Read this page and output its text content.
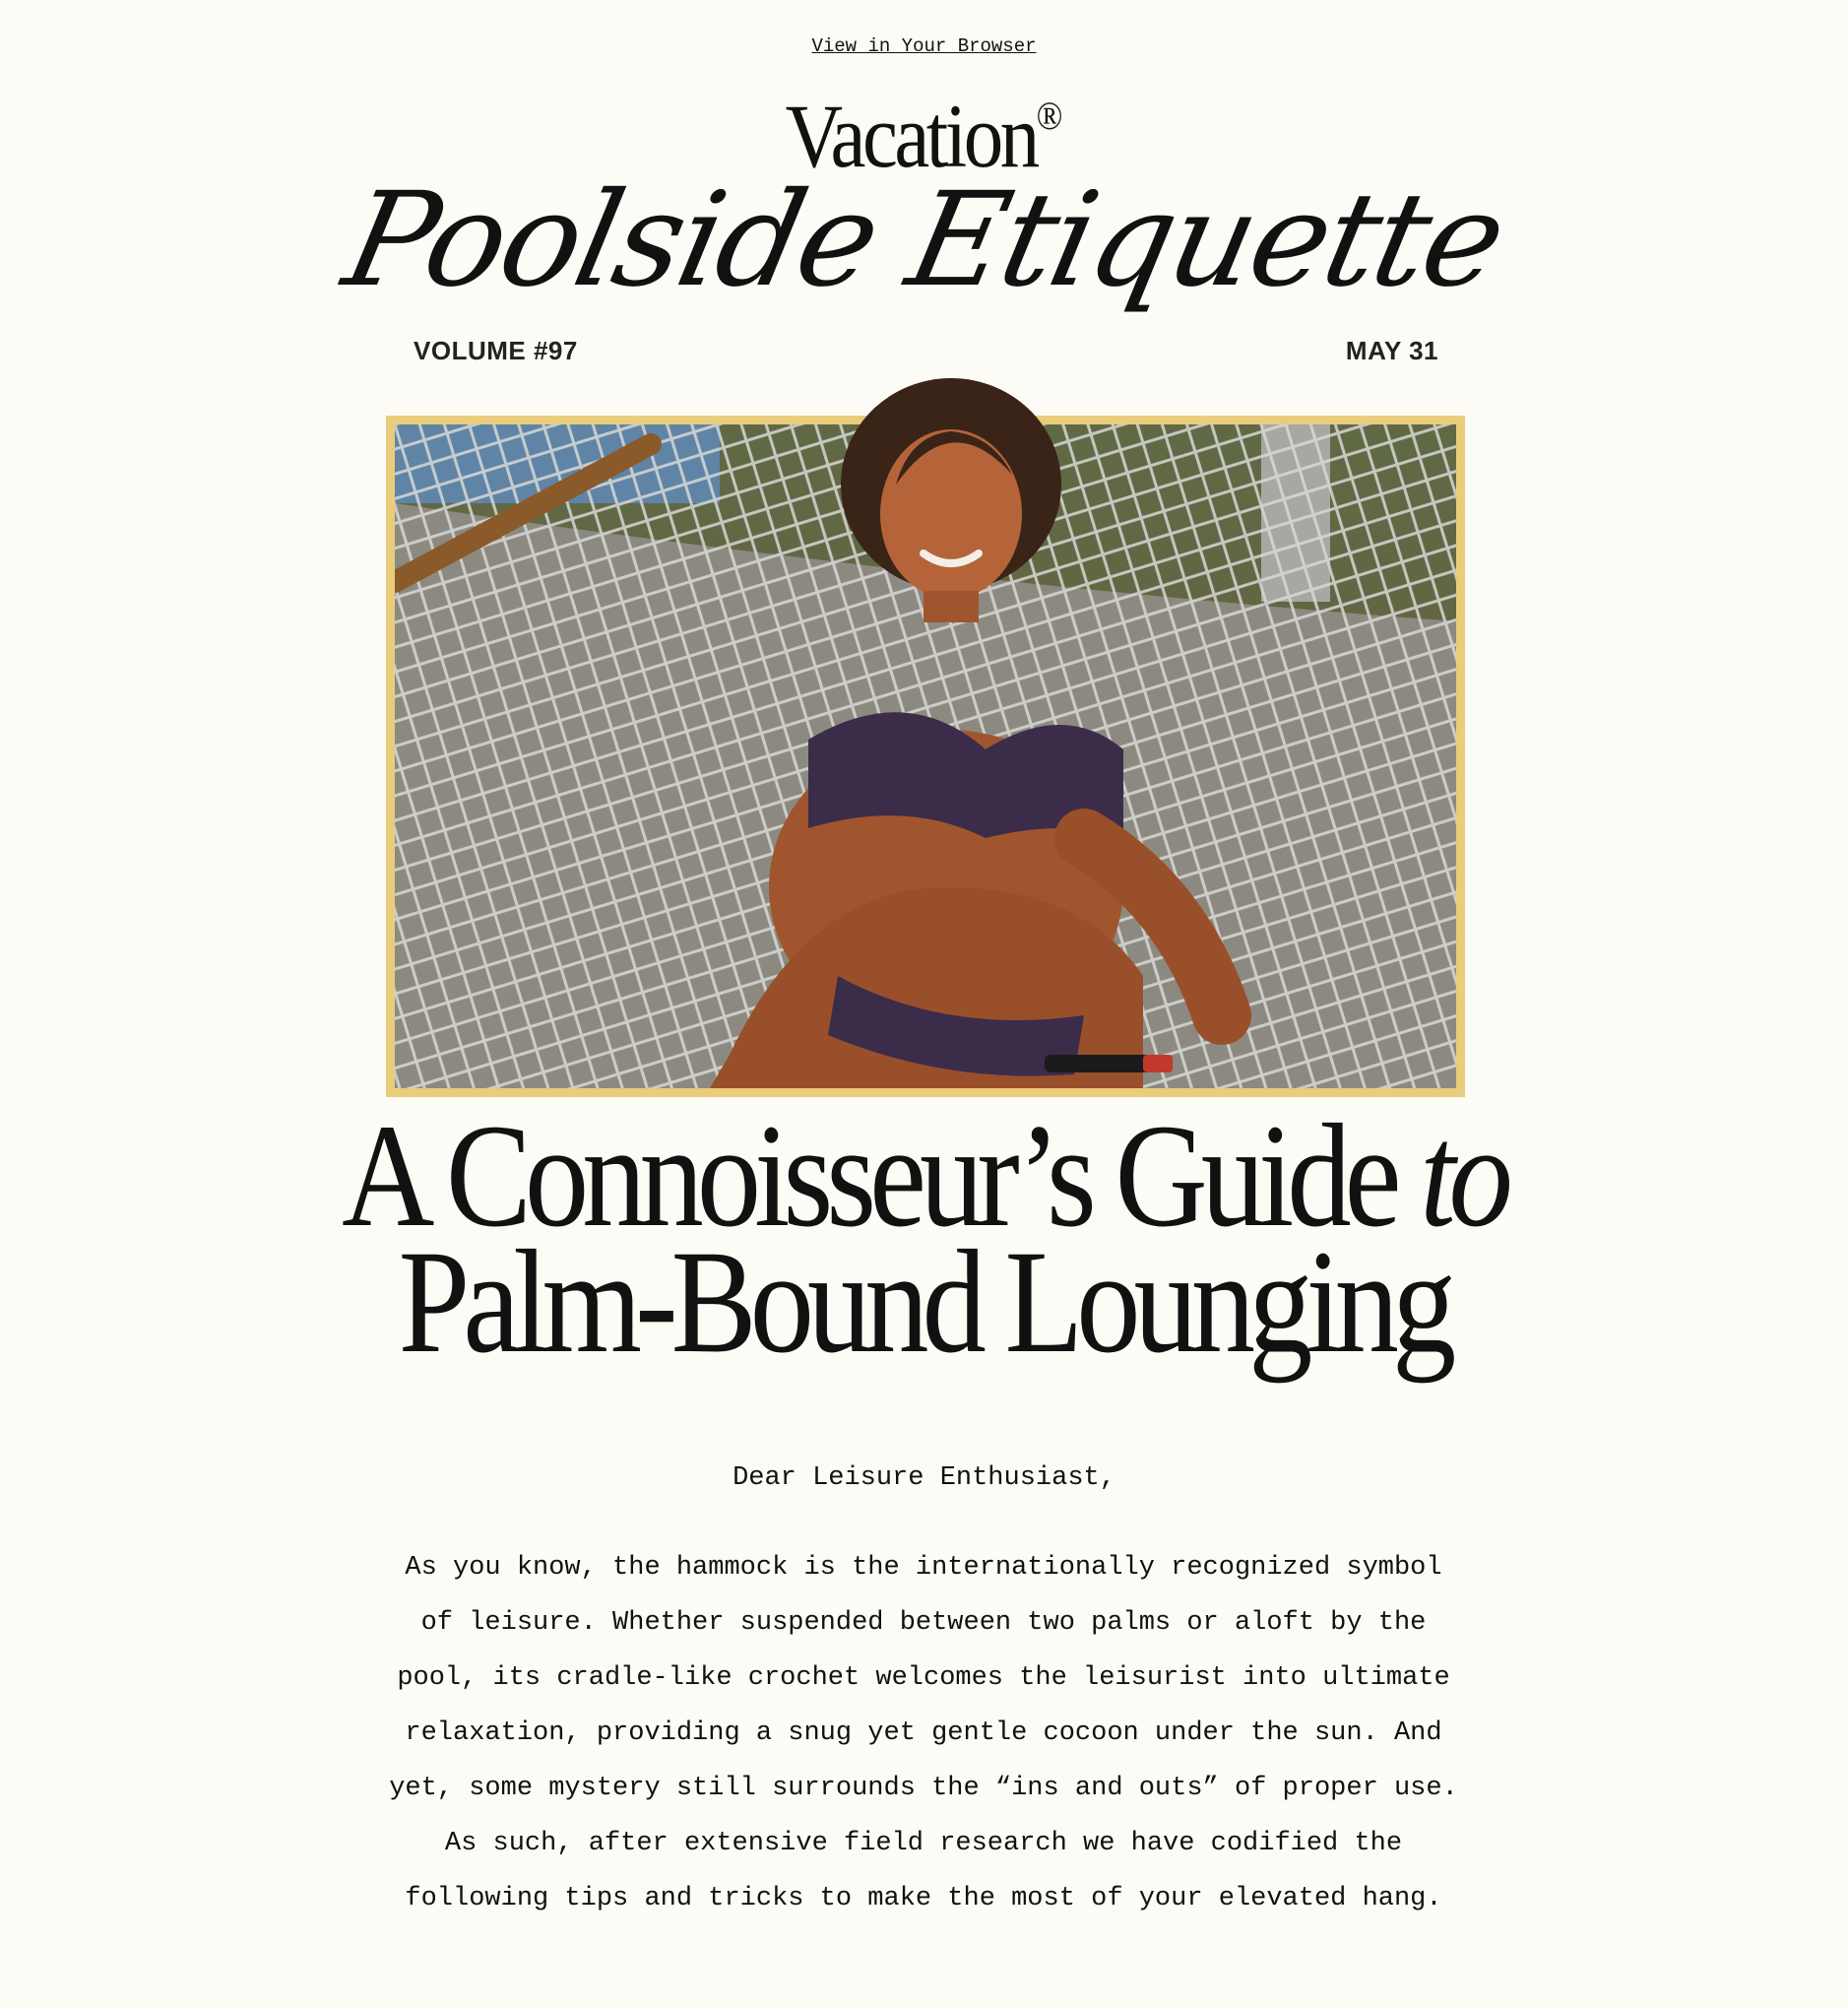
View in Your Browser
Vacation®
Poolside Etiquette
VOLUME #97	MAY 31
A Connoisseur’s Guide to
Palm-Bound Lounging
Dear Leisure Enthusiast,
As you know, the hammock is the internationally recognized symbol of leisure. Whether suspended between two palms or aloft by the pool, its cradle-like crochet welcomes the leisurist into ultimate relaxation, providing a snug yet gentle cocoon under the sun. And yet, some mystery still surrounds the “ins and outs” of proper use. As such, after extensive field research we have codified the following tips and tricks to make the most of your elevated hang.
